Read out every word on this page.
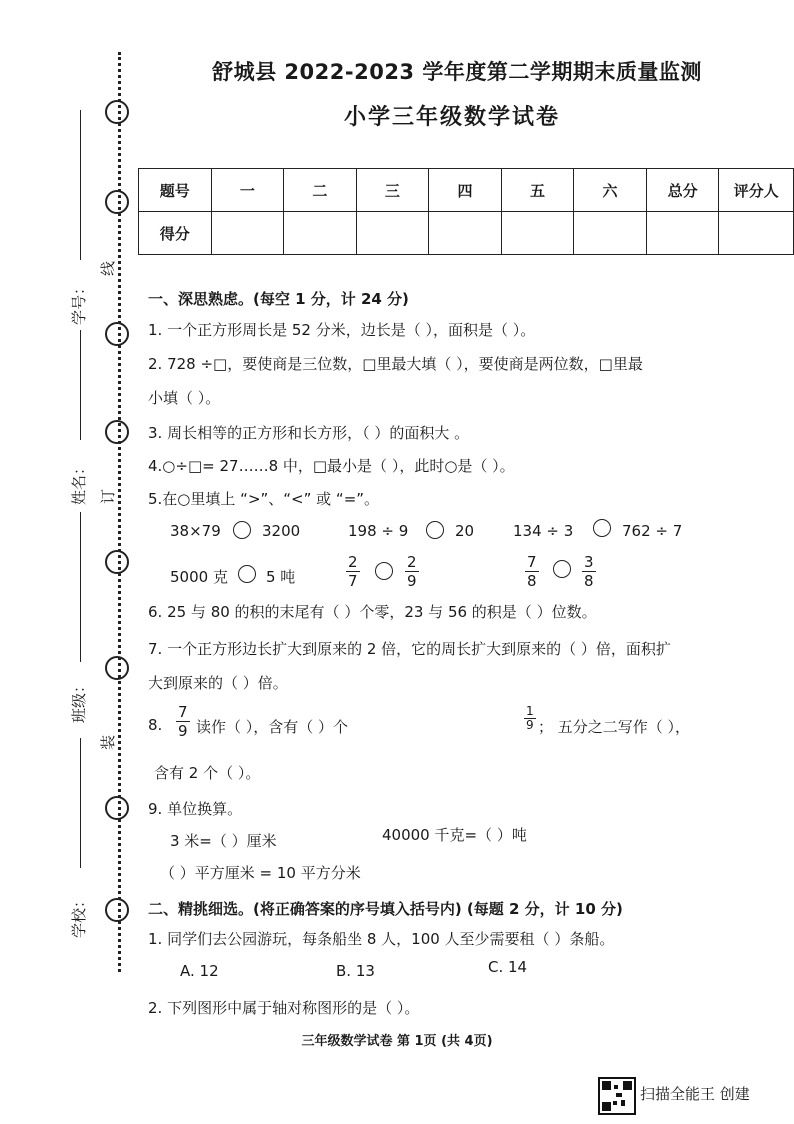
线
订
装
学号：
姓名：
班级：
学校：
舒城县 2022-2023 学年度第二学期期末质量监测
小学三年级数学试卷
题号	一	二	三	四	五	六	总分	评分人
得分								
一、深思熟虑。(每空 1 分，计 24 分)
1. 一个正方形周长是 52 分米，边长是（ ），面积是（ ）。
2. 728 ÷□，要使商是三位数，□里最大填（ ），要使商是两位数，□里最
小填（ ）。
3. 周长相等的正方形和长方形，（ ）的面积大 。
4.○÷□= 27……8 中，□最小是（ ），此时○是（ ）。
5.在○里填上 “>”、“<” 或 “=”。
38×79	3200	198 ÷ 9	20	134 ÷ 3	762 ÷ 7
5000 克	5 吨	$\frac{2}{7}$	$\frac{2}{9}$	$\frac{7}{8}$	$\frac{3}{8}$
6. 25 与 80 的积的末尾有（ ）个零，23 与 56 的积是（ ）位数。
7. 一个正方形边长扩大到原来的 2 倍，它的周长扩大到原来的（ ）倍，面积扩
大到原来的（ ）倍。
8. $\frac{7}{9}$ 读作（ ），含有（ ）个	$\frac{1}{9}$ ； 五分之二写作（ ），
含有 2 个（ ）。
9. 单位换算。
3 米=（ ）厘米	40000 千克=（ ）吨
（ ）平方厘米 = 10 平方分米
二、精挑细选。(将正确答案的序号填入括号内) (每题 2 分，计 10 分)
1. 同学们去公园游玩，每条船坐 8 人，100 人至少需要租（ ）条船。
A. 12	B. 13	C. 14
2. 下列图形中属于轴对称图形的是（ ）。
三年级数学试卷 第 1页 (共 4页)
扫描全能王 创建
